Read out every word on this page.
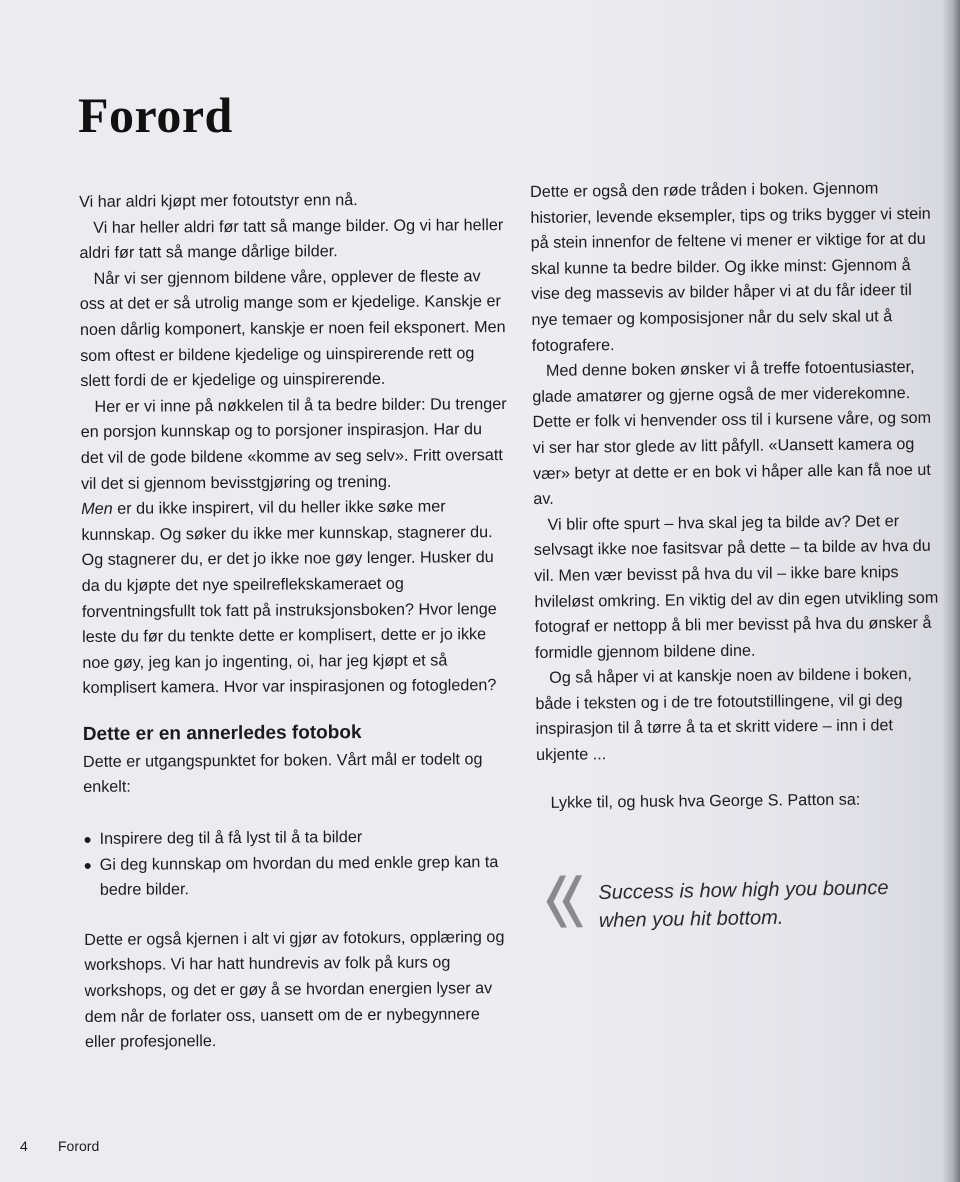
Forord

Vi har aldri kjøpt mer fotoutstyr enn nå.

Vi har heller aldri før tatt så mange bilder. Og vi har heller aldri før tatt så mange dårlige bilder.

Når vi ser gjennom bildene våre, opplever de fleste av oss at det er så utrolig mange som er kjedelige. Kanskje er noen dårlig komponert, kanskje er noen feil eksponert. Men som oftest er bildene kjedelige og uinspirerende rett og slett fordi de er kjedelige og uinspirerende.

Her er vi inne på nøkkelen til å ta bedre bilder: Du trenger en porsjon kunnskap og to porsjoner inspirasjon. Har du det vil de gode bildene «komme av seg selv». Fritt oversatt vil det si gjennom bevisstgjøring og trening.

Men er du ikke inspirert, vil du heller ikke søke mer kunnskap. Og søker du ikke mer kunnskap, stagnerer du. Og stagnerer du, er det jo ikke noe gøy lenger. Husker du da du kjøpte det nye speilreflekskameraet og forventningsfullt tok fatt på instruksjonsboken? Hvor lenge leste du før du tenkte dette er komplisert, dette er jo ikke noe gøy, jeg kan jo ingenting, oi, har jeg kjøpt et så komplisert kamera. Hvor var inspirasjonen og fotogleden?

Dette er en annerledes fotobok

Dette er utgangspunktet for boken. Vårt mål er todelt og enkelt:

Inspirere deg til å få lyst til å ta bilder
Gi deg kunnskap om hvordan du med enkle grep kan ta bedre bilder.

Dette er også kjernen i alt vi gjør av fotokurs, opplæring og workshops. Vi har hatt hundrevis av folk på kurs og workshops, og det er gøy å se hvordan energien lyser av dem når de forlater oss, uansett om de er nybegynnere eller profesjonelle.

Dette er også den røde tråden i boken. Gjennom historier, levende eksempler, tips og triks bygger vi stein på stein innenfor de feltene vi mener er viktige for at du skal kunne ta bedre bilder. Og ikke minst: Gjennom å vise deg massevis av bilder håper vi at du får ideer til nye temaer og komposisjoner når du selv skal ut å fotografere.

Med denne boken ønsker vi å treffe fotoentusiaster, glade amatører og gjerne også de mer viderekomne. Dette er folk vi henvender oss til i kursene våre, og som vi ser har stor glede av litt påfyll. «Uansett kamera og vær» betyr at dette er en bok vi håper alle kan få noe ut av.

Vi blir ofte spurt – hva skal jeg ta bilde av? Det er selvsagt ikke noe fasitsvar på dette – ta bilde av hva du vil. Men vær bevisst på hva du vil – ikke bare knips hvileløst omkring. En viktig del av din egen utvikling som fotograf er nettopp å bli mer bevisst på hva du ønsker å formidle gjennom bildene dine.

Og så håper vi at kanskje noen av bildene i boken, både i teksten og i de tre fotoutstillingene, vil gi deg inspirasjon til å tørre å ta et skritt videre – inn i det ukjente ...

Lykke til, og husk hva George S. Patton sa:

Success is how high you bounce when you hit bottom.

4 Forord
